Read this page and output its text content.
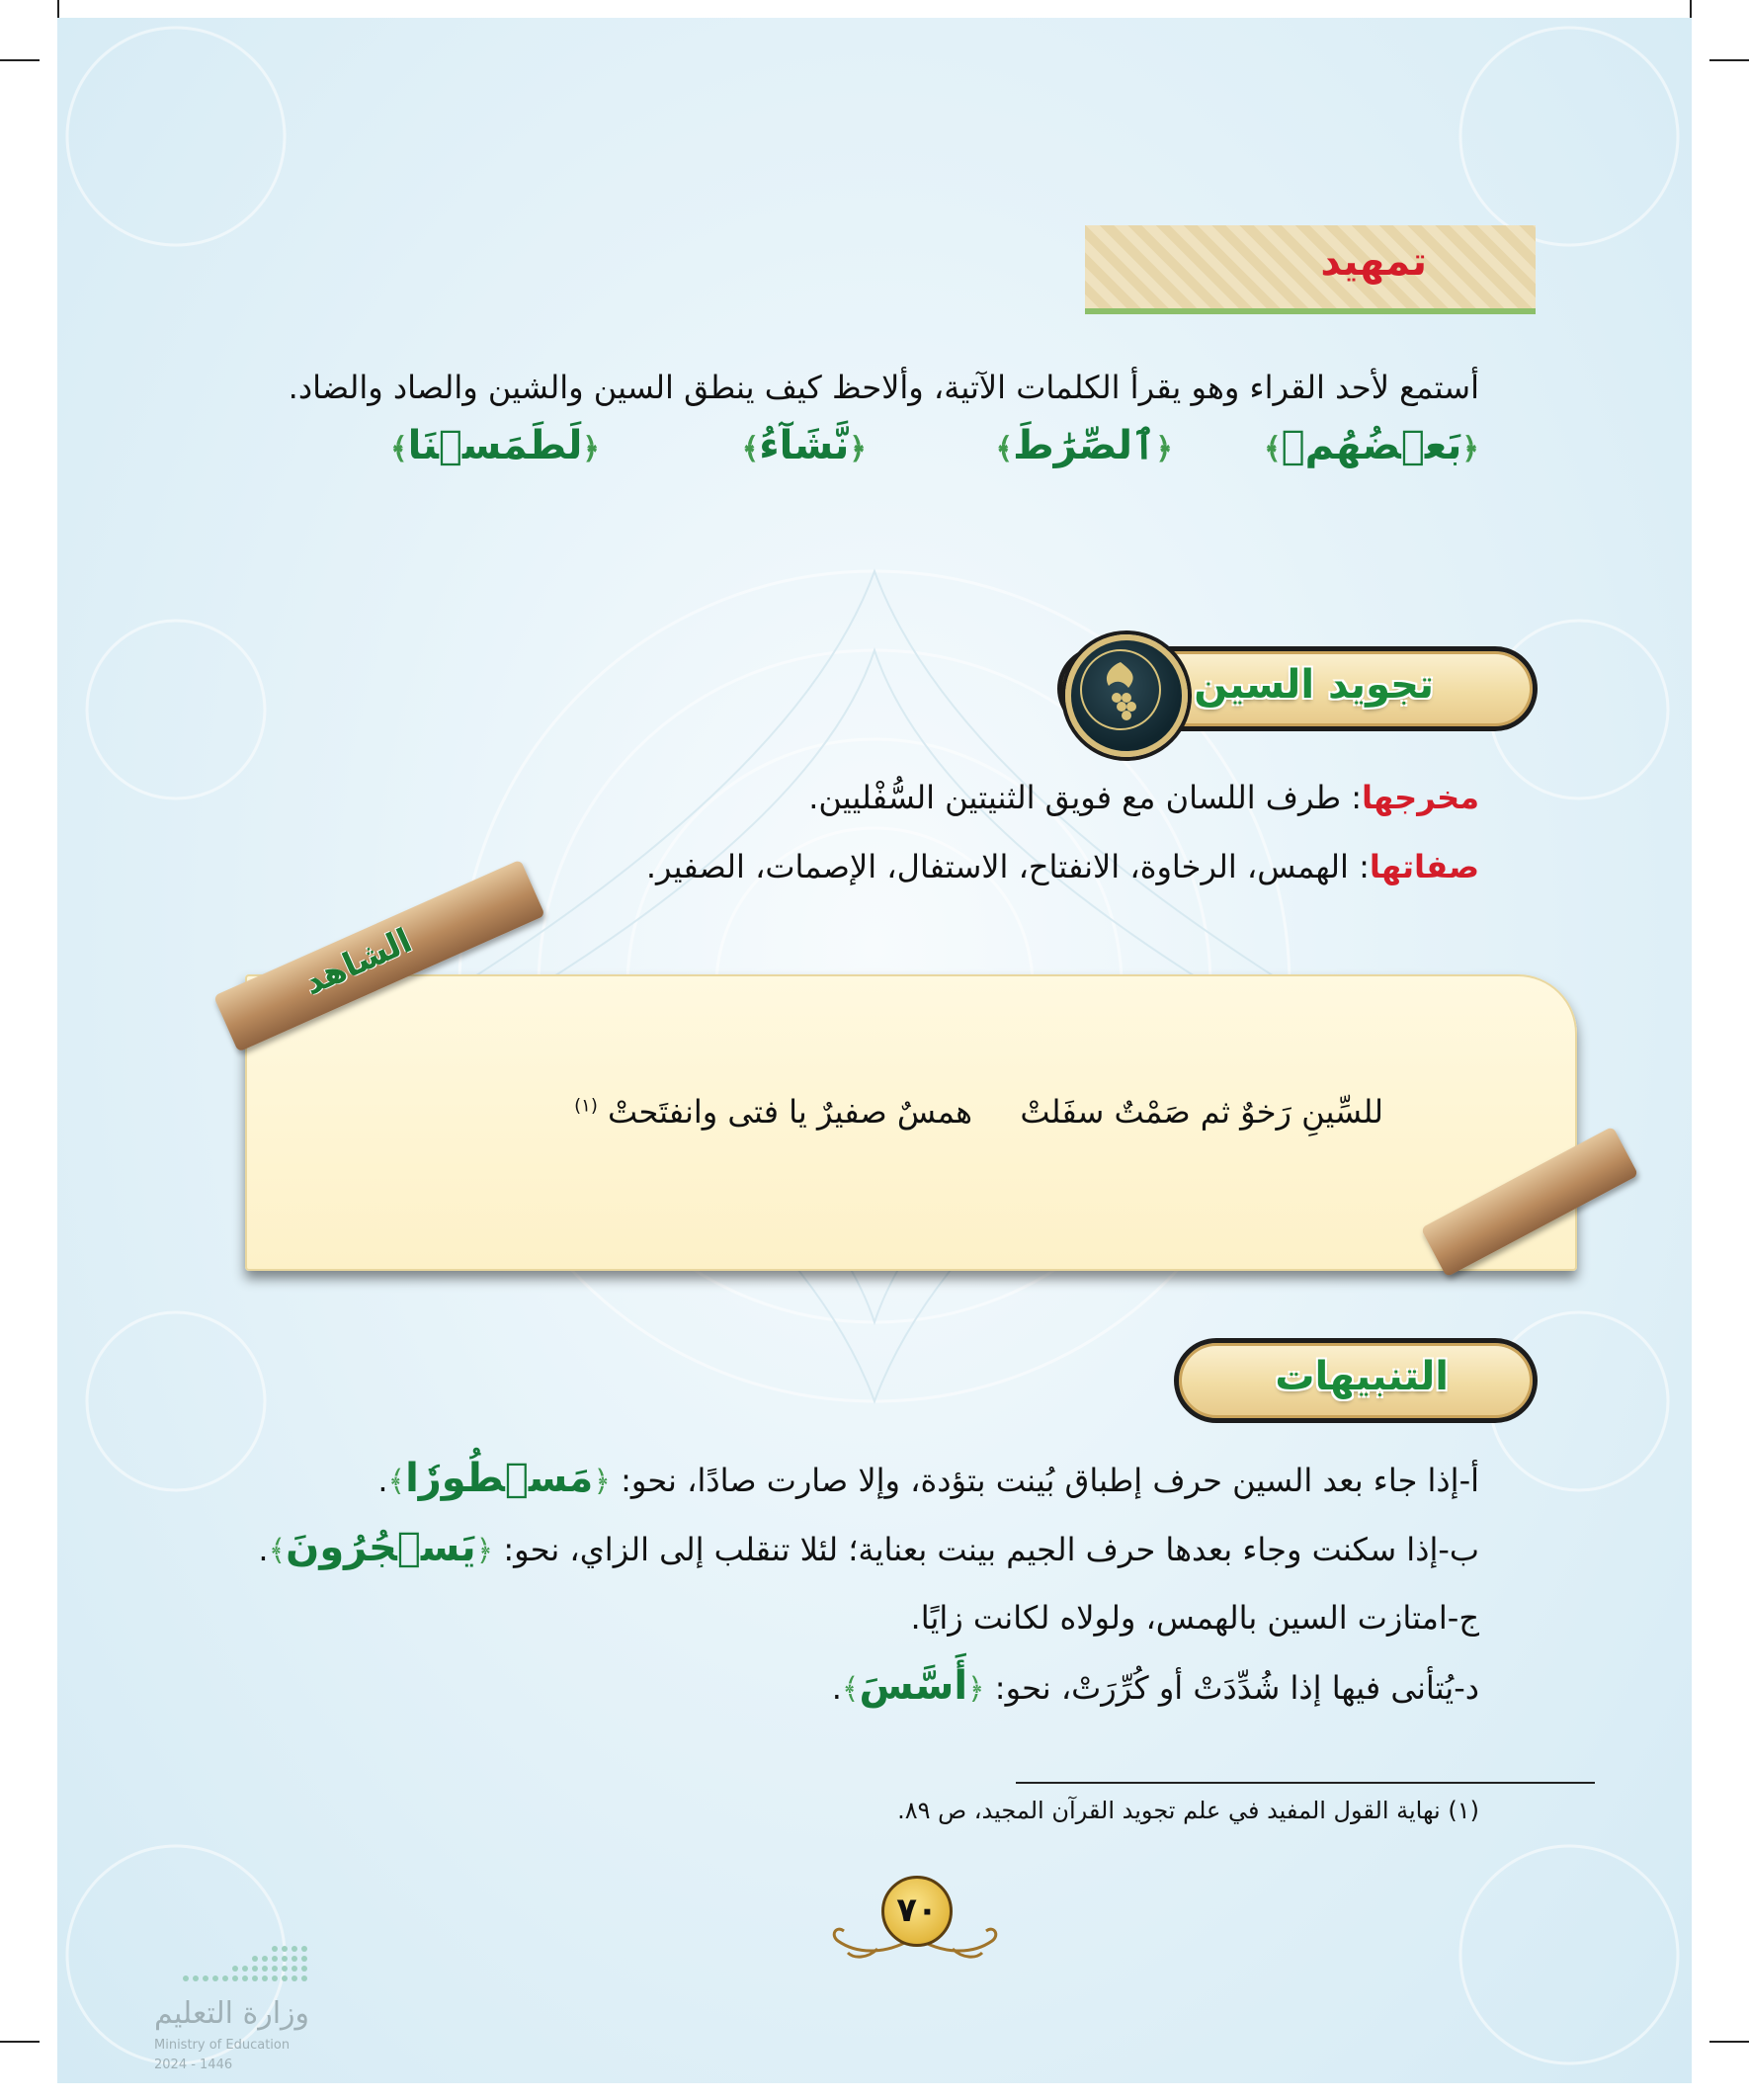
تمهيد
أستمع لأحد القراء وهو يقرأ الكلمات الآتية، وألاحظ كيف ينطق السين والشين والصاد والضاد.
﴿بَعۡضُهُمۡ﴾
﴿ٱلصِّرَٰطَ﴾
﴿نَّشَآءُ﴾
﴿لَطَمَسۡنَا﴾
تجويد السين
مخرجها: طرف اللسان مع فويق الثنيتين السُّفْليين.
صفاتها: الهمس، الرخاوة، الانفتاح، الاستفال، الإصمات، الصفير.
الشاهد
للسِّينِ رَخوٌ ثم صَمْتٌ سفَلتْ
همسٌ صفيرٌ يا فتى وانفتَحتْ $^{(١)}$
التنبيهات
أ-إذا جاء بعد السين حرف إطباق بُينت بتؤدة، وإلا صارت صادًا، نحو: ﴿مَسۡطُورٗا﴾.
ب-إذا سكنت وجاء بعدها حرف الجيم بينت بعناية؛ لئلا تنقلب إلى الزاي، نحو: ﴿يَسۡجُرُونَ﴾.
ج-امتازت السين بالهمس، ولولاه لكانت زايًا.
د-يُتأنى فيها إذا شُدِّدَتْ أو كُرِّرَتْ، نحو: ﴿أَسَّسَ﴾.
(١) نهاية القول المفيد في علم تجويد القرآن المجيد، ص ٨٩.
٧٠
وزارة التعليم
Ministry of Education
2024 - 1446
